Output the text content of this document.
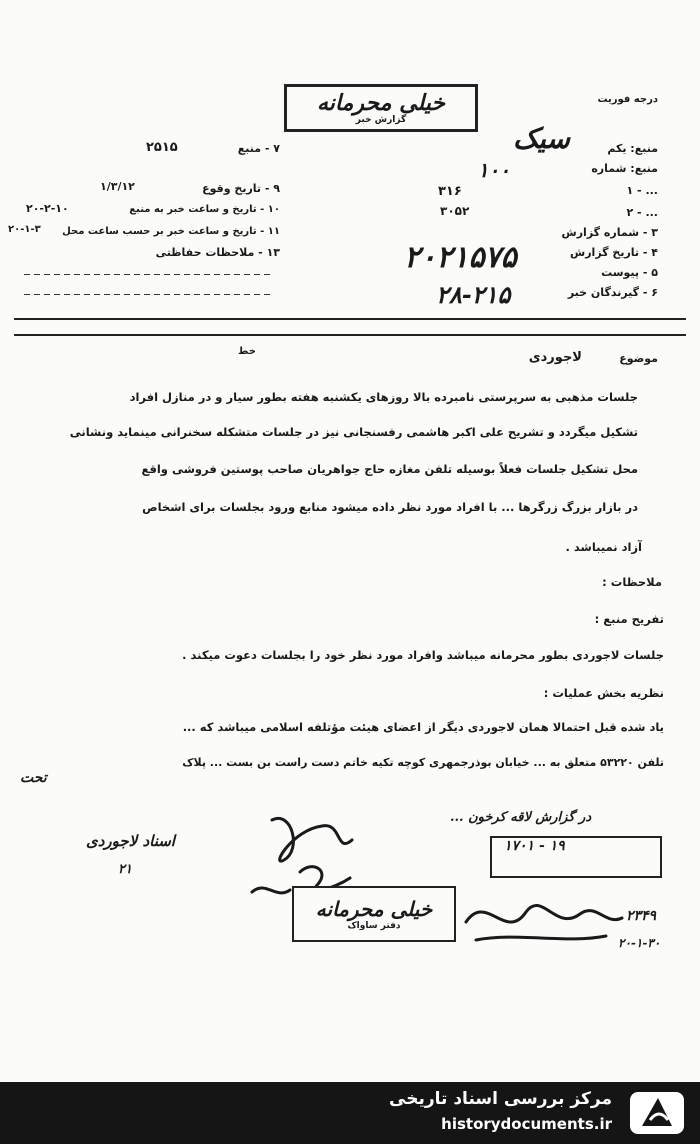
خیلی محرمانه
گزارش خبر
درجه فوریت
منبع: یکم
سیک
منبع: شماره
۱۰۰
۱ - ...
۳۱۶
۲ - ...
۳۰۵۲
۳ - شماره گزارش
۴ - تاریخ گزارش
۵ - پیوست
۶ - گیرندگان خبر
۷ - منبع
۲۵۱۵
۹ - تاریخ وقوع
۱/۳/۱۲
۱۰ - تاریخ و ساعت خبر به منبع
۲۰-۲-۱۰
۱۱ - تاریخ و ساعت خبر بر حسب ساعت محل
۲۰-۱-۳
۱۳ - ملاحظات حفاظتی	۲۰۲۱۵۷۵
۲۸-۲۱۵
موضوع
لاجوردی
خط
جلسات مذهبی به سرپرستی نامبرده بالا روزهای یکشنبه هفته بطور سیار و در منازل افراد
تشکیل میگردد و تشریح علی اکبر هاشمی رفسنجانی نیز در جلسات متشکله سخنرانی مینماید ونشانی
محل تشکیل جلسات فعلاً بوسیله تلفن مغازه حاج جواهریان صاحب پوستین فروشی واقع
در بازار بزرگ زرگرها ... با افراد مورد نظر داده میشود منابع ورود بجلسات برای اشخاص
آزاد نمیباشد .
ملاحظات :
تفریح منبع :
جلسات لاجوردی بطور محرمانه میباشد وافراد مورد نظر خود را بجلسات دعوت میکند .
نظریه بخش عملیات :
یاد شده قبل احتمالا همان لاجوردی دیگر از اعضای هیئت مؤتلفه اسلامی میباشد که ...
تلفن ۵۳۲۲۰ متعلق به ... خیابان بوذرجمهری کوچه تکیه خاتم دست راست بن بست ... پلاک
تحت
در گزارش لاقه کرخون ...
اسناد لاجوردی
۲۱
۱۷۰۱ - ۱۹
خیلی محرمانه
دفتر ساواک
۲۳۴۹
۲۰-۱-۳۰
مرکز بررسی اسناد تاریخی
historydocuments.ir
